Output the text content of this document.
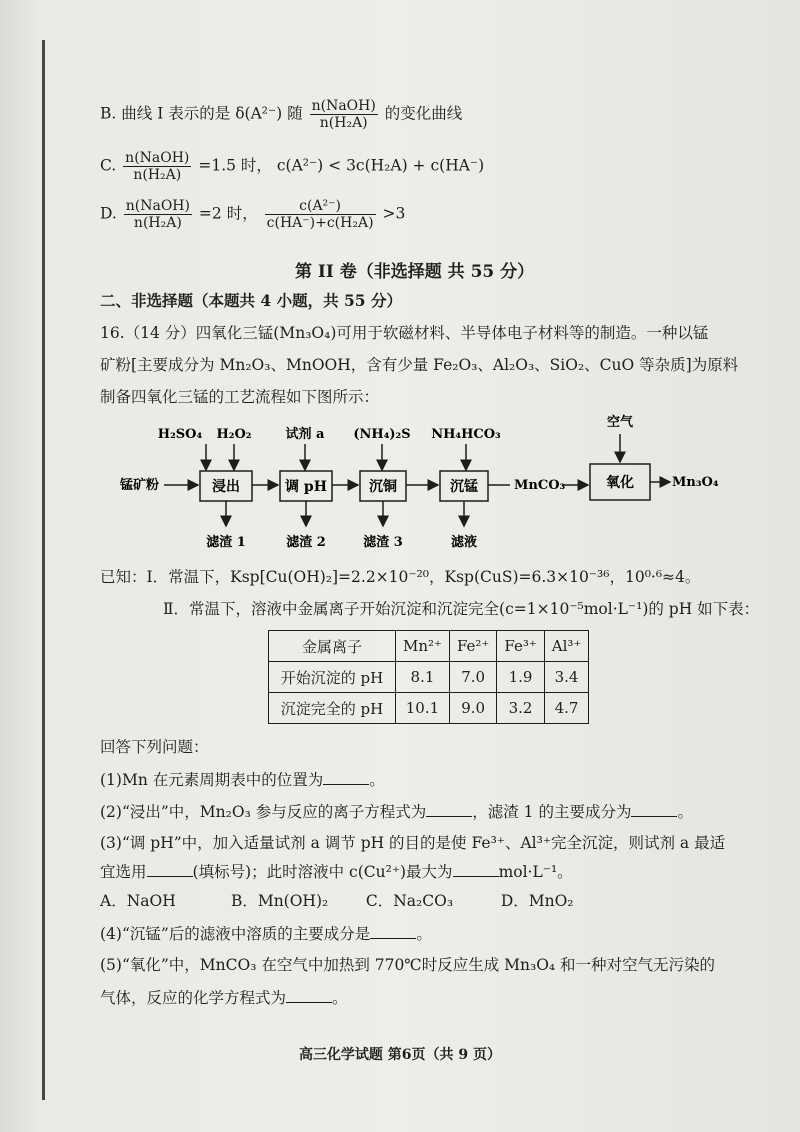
B. 曲线 I 表示的是 δ(A²⁻) 随 $\frac{\text{n(NaOH)}}{\text{n(H₂A)}}$ 的变化曲线
C. $\frac{\text{n(NaOH)}}{\text{n(H₂A)}} =1.5$ 时， c(A²⁻) < 3c(H₂A) + c(HA⁻)
D. $\frac{\text{n(NaOH)}}{\text{n(H₂A)}} =2$ 时， $\frac{\text{c(A²⁻)}}{\text{c(HA⁻)+c(H₂A)}} >3$
第 II 卷（非选择题 共 55 分）
二、非选择题（本题共 4 小题，共 55 分）
16.（14 分）四氧化三锰(Mn₃O₄)可用于软磁材料、半导体电子材料等的制造。一种以锰
矿粉[主要成分为 Mn₂O₃、MnOOH，含有少量 Fe₂O₃、Al₂O₃、SiO₂、CuO 等杂质]为原料
制备四氧化三锰的工艺流程如下图所示：
H₂SO₄ H₂O₂	试剂 a (NH₄)₂S NH₄HCO₃
空气
锰矿粉	浸出	调 pH	沉铜	沉锰	MnCO₃	氧化	Mn₃O₄
滤渣 1	滤渣 2	滤渣 3	滤液
已知：Ⅰ．常温下，Ksp[Cu(OH)₂]=2.2×10⁻²⁰，Ksp(CuS)=6.3×10⁻³⁶，10⁰·⁶≈4。
Ⅱ．常温下，溶液中金属离子开始沉淀和沉淀完全(c=1×10⁻⁵mol·L⁻¹)的 pH 如下表：
金属离子	Mn²⁺	Fe²⁺	Fe³⁺	Al³⁺
开始沉淀的 pH	8.1	7.0	1.9	3.4
沉淀完全的 pH	10.1	9.0	3.2	4.7
回答下列问题：
(1)Mn 在元素周期表中的位置为	。
(2)“浸出”中，Mn₂O₃ 参与反应的离子方程式为	，滤渣 1 的主要成分为	。
(3)“调 pH”中，加入适量试剂 a 调节 pH 的目的是使 Fe³⁺、Al³⁺完全沉淀，则试剂 a 最适
宜选用	(填标号)；此时溶液中 c(Cu²⁺)最大为	mol·L⁻¹。
A．NaOH	B．Mn(OH)₂ C．Na₂CO₃	D．MnO₂
(4)“沉锰”后的滤液中溶质的主要成分是	。
(5)“氧化”中，MnCO₃ 在空气中加热到 770℃时反应生成 Mn₃O₄ 和一种对空气无污染的
气体，反应的化学方程式为	。
高三化学试题 第6页（共 9 页）
